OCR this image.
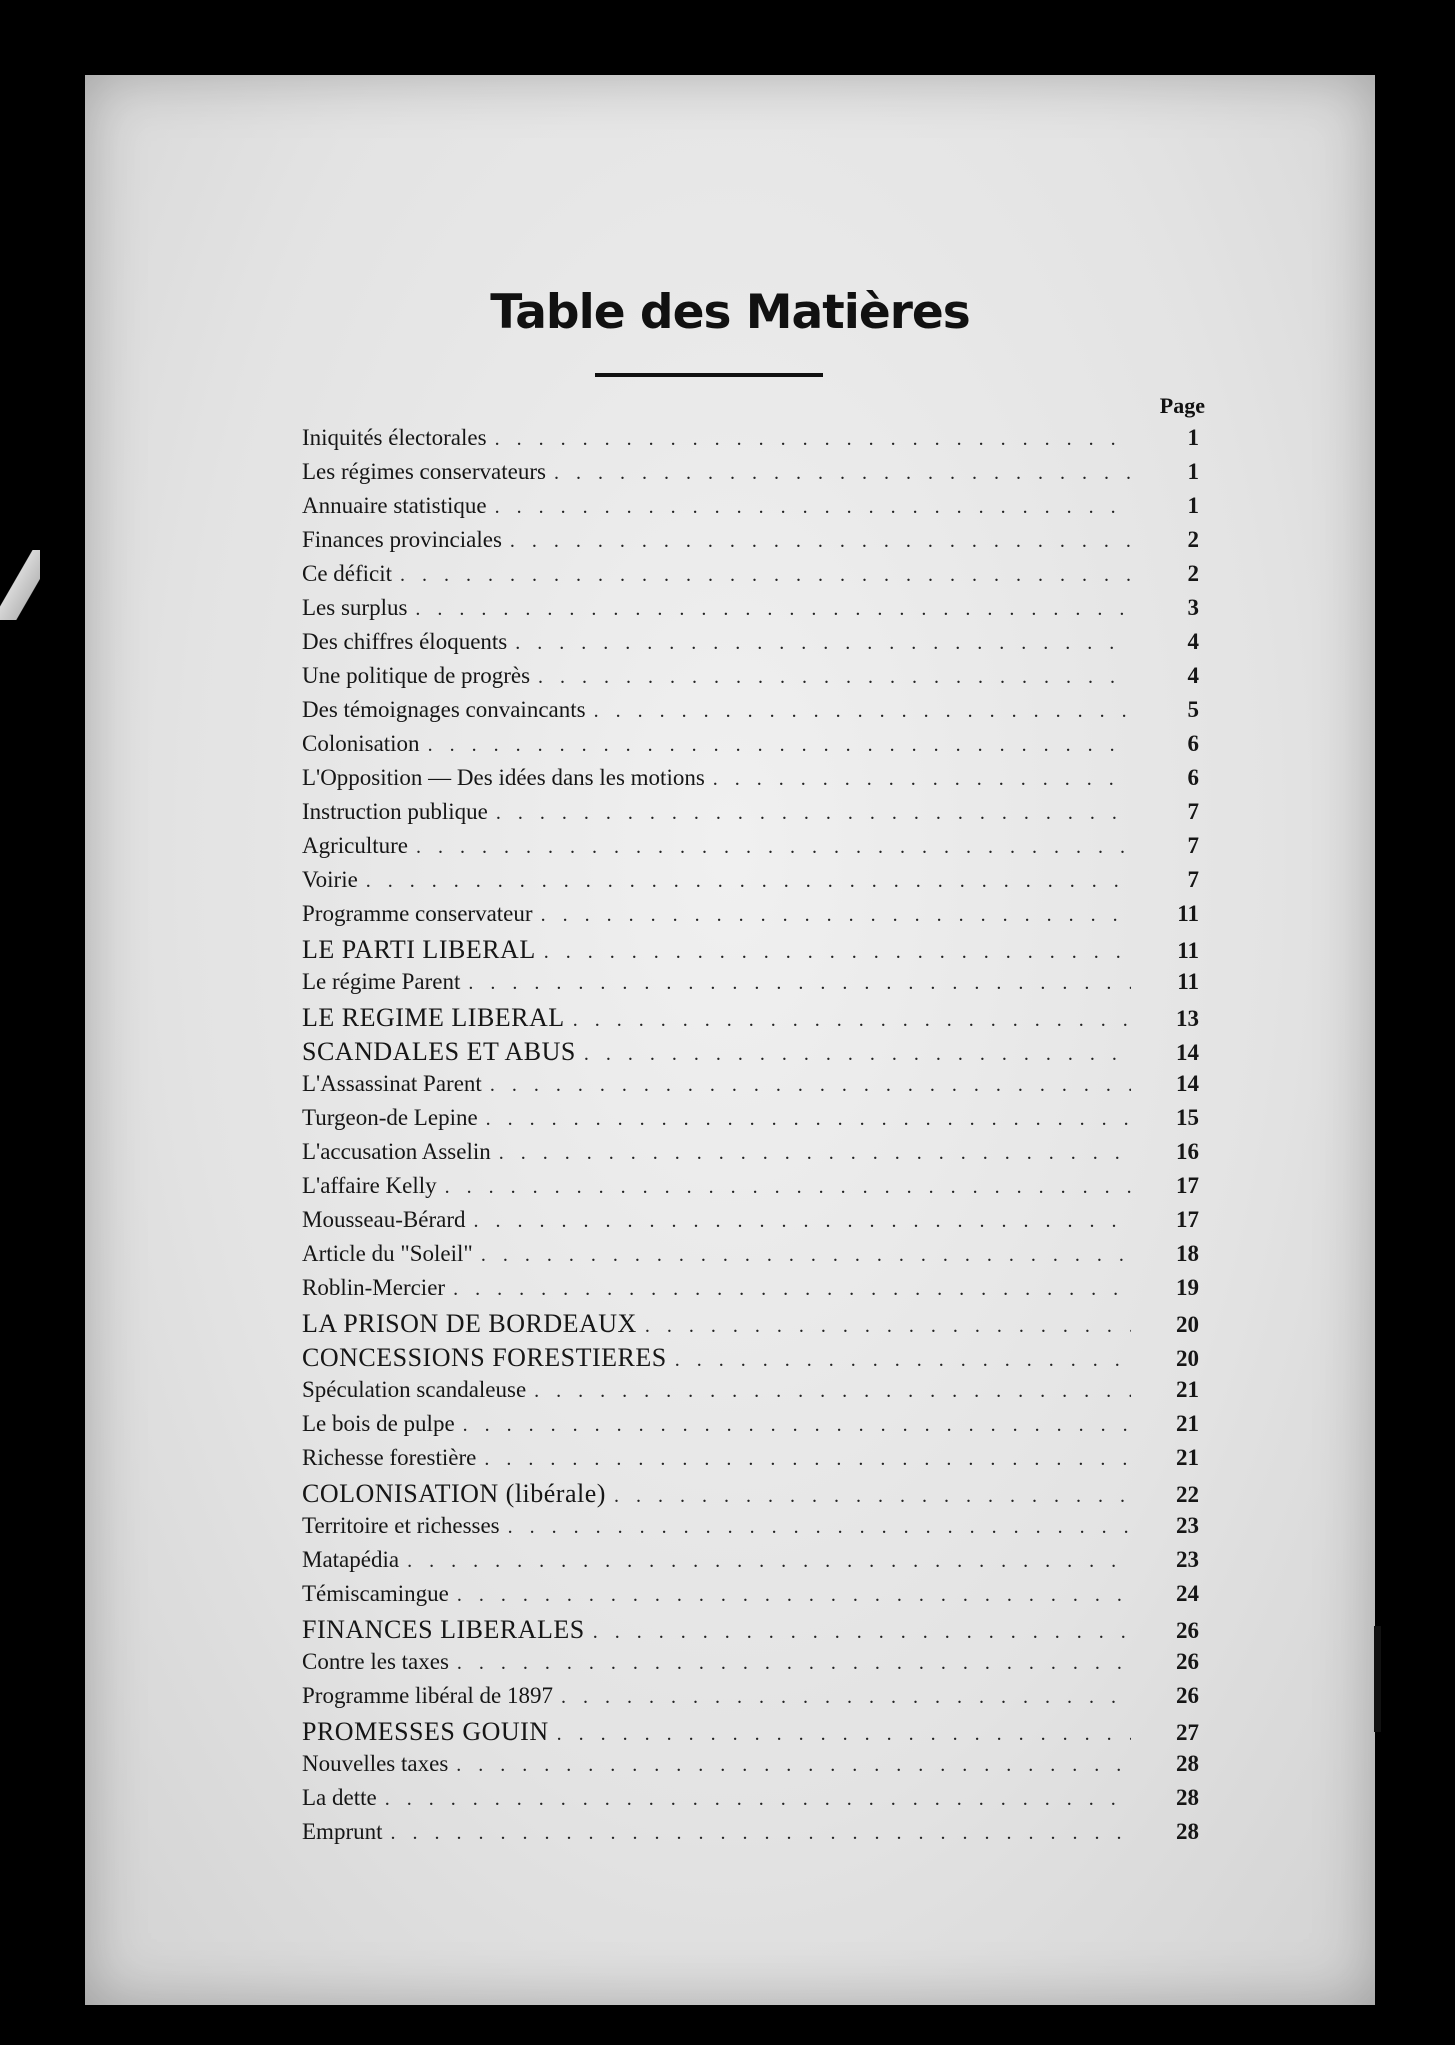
Table des Matières
Page
Iniquités électorales . . .	1
Les régimes conservateurs . . .	1
Annuaire statistique . . .	1
Finances provinciales . . .	2
Ce déficit . . .	2
Les surplus . . .	3
Des chiffres éloquents . . .	4
Une politique de progrès . . .	4
Des témoignages convaincants . . .	5
Colonisation . . .	6
L'Opposition — Des idées dans les motions . . .	6
Instruction publique . . .	7
Agriculture . . .	7
Voirie . . .	7
Programme conservateur . . .	11
LE PARTI LIBERAL . . .	11
Le régime Parent . . .	11
LE REGIME LIBERAL . . .	13
SCANDALES ET ABUS . . .	14
L'Assassinat Parent . . .	14
Turgeon-de Lepine . . .	15
L'accusation Asselin . . .	16
L'affaire Kelly . . .	17
Mousseau-Bérard . . .	17
Article du "Soleil" . . .	18
Roblin-Mercier . . .	19
LA PRISON DE BORDEAUX . . .	20
CONCESSIONS FORESTIERES . . .	20
Spéculation scandaleuse . . .	21
Le bois de pulpe . . .	21
Richesse forestière . . .	21
COLONISATION (libérale) . . .	22
Territoire et richesses . . .	23
Matapédia . . .	23
Témiscamingue . . .	24
FINANCES LIBERALES . . .	26
Contre les taxes . . .	26
Programme libéral de 1897 . . .	26
PROMESSES GOUIN . . .	27
Nouvelles taxes . . .	28
La dette . . .	28
Emprunt . . .	28
